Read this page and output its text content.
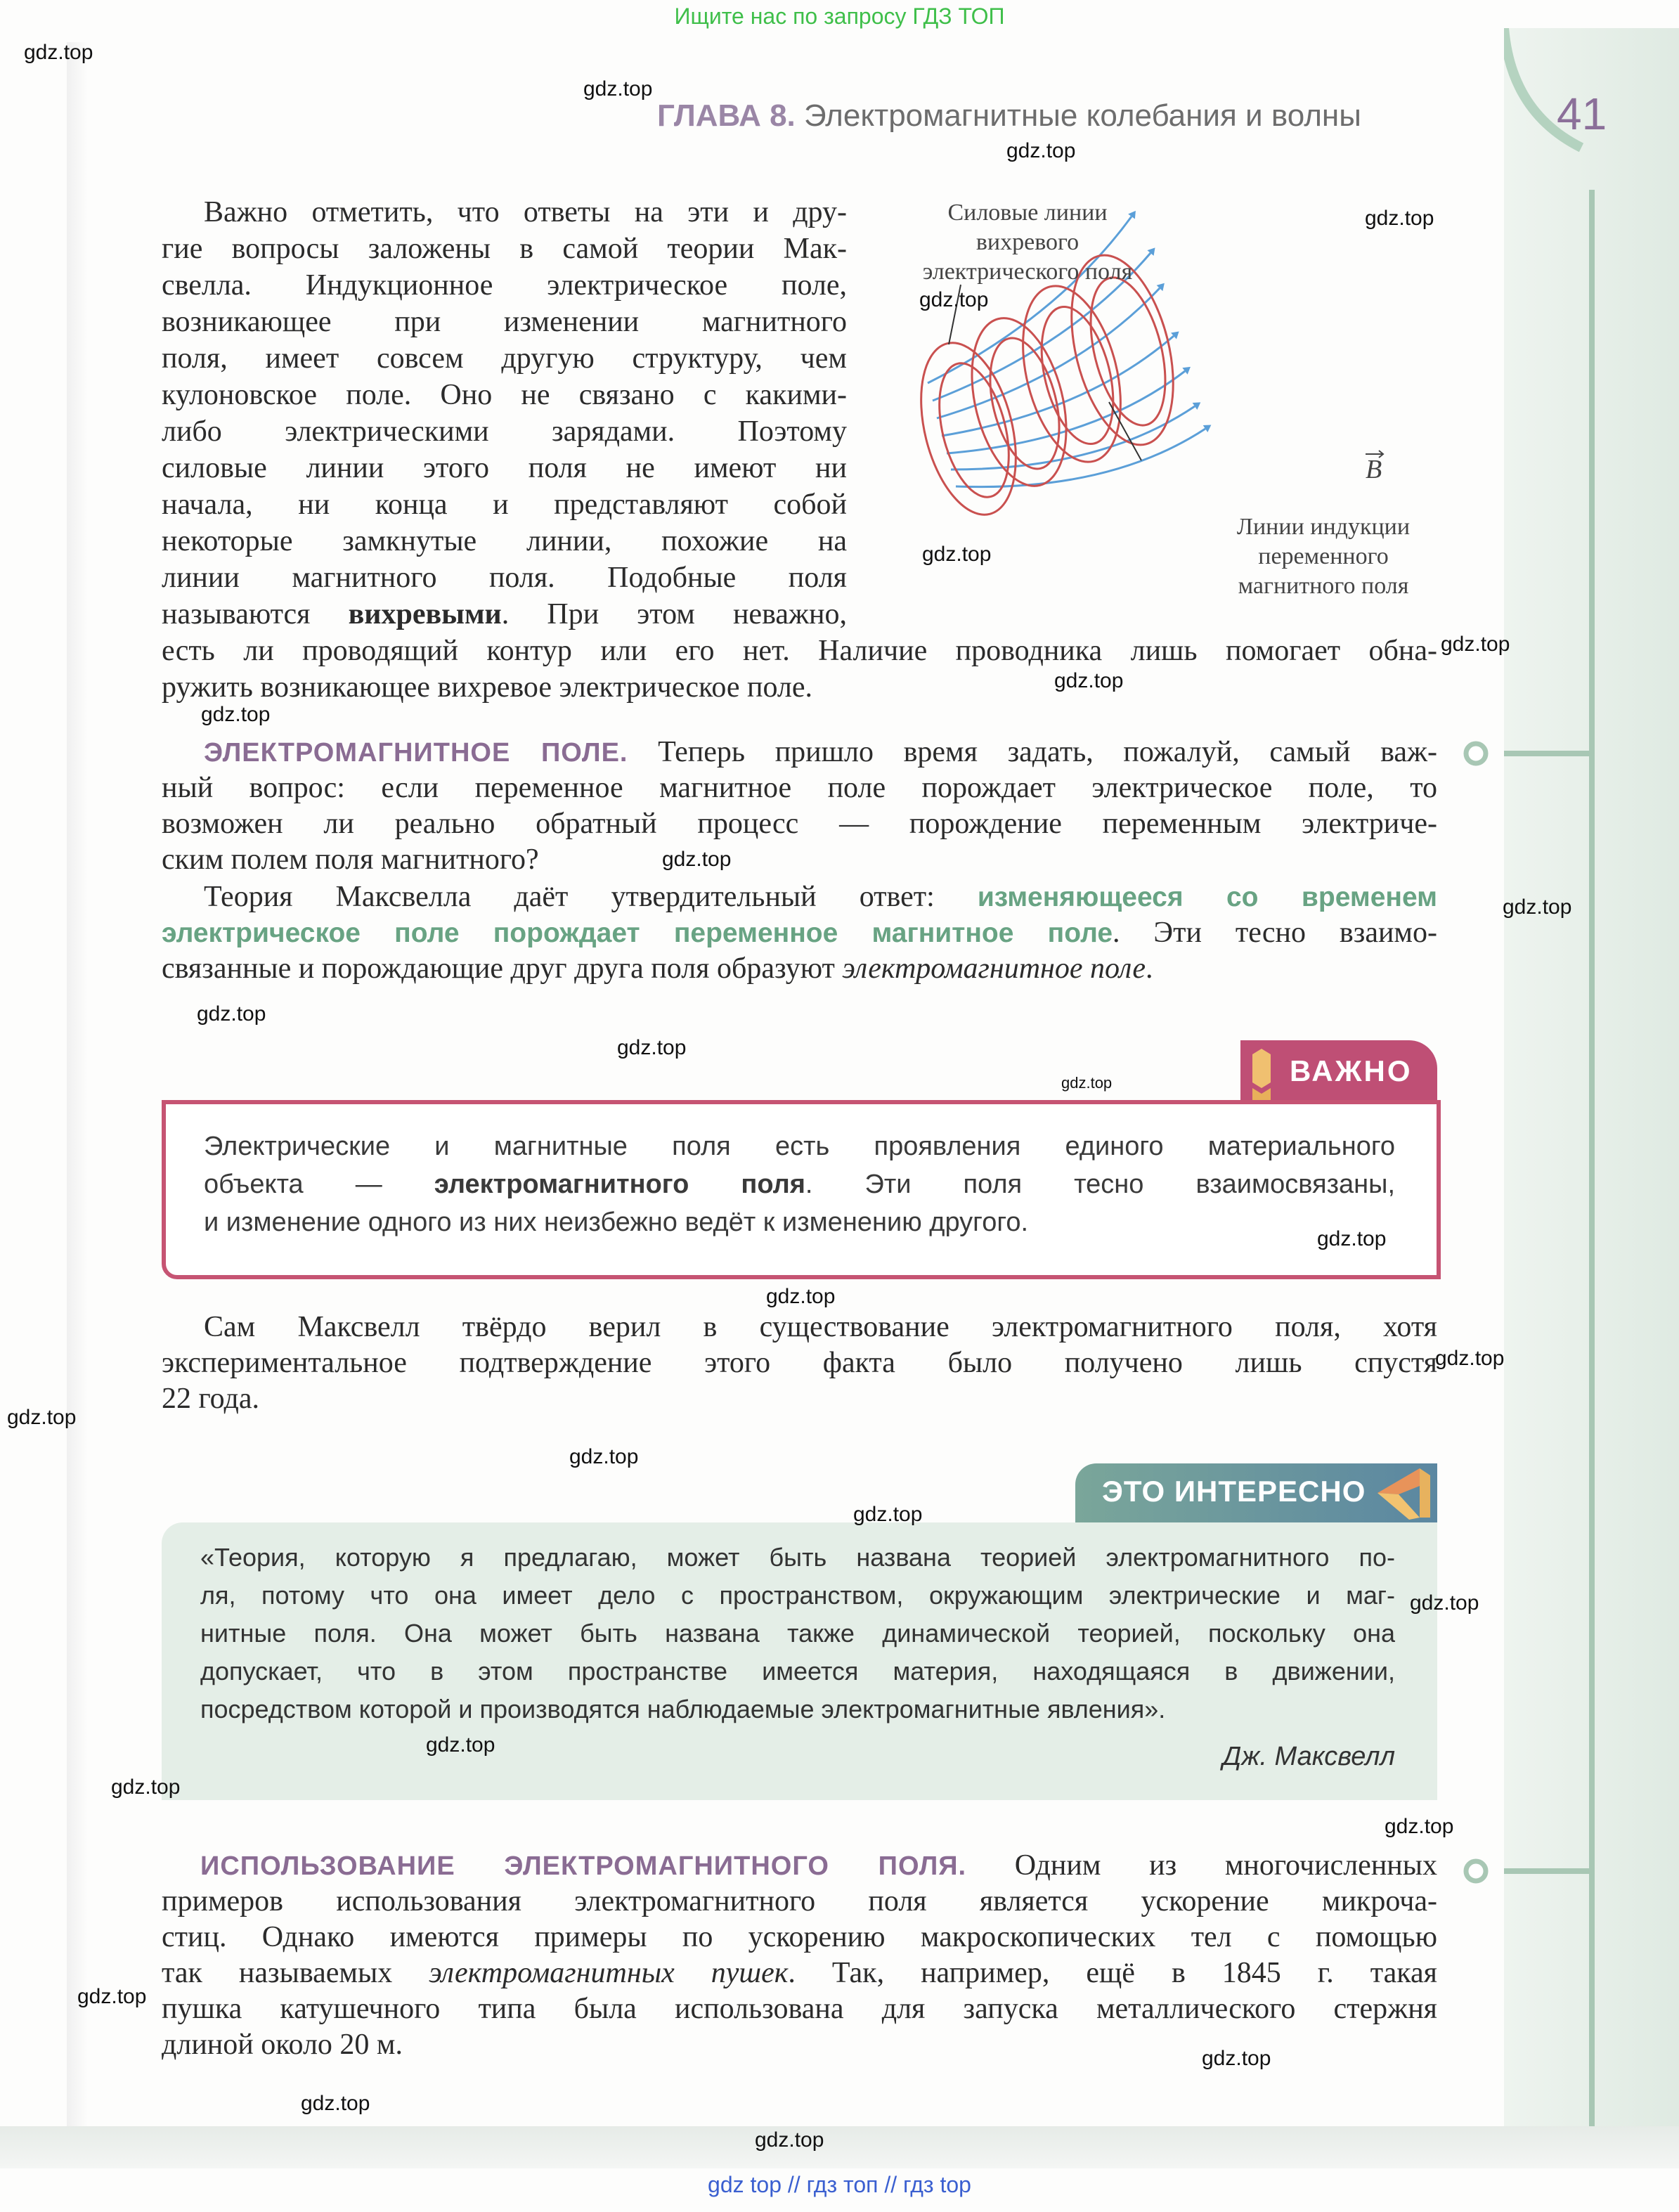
Ищите нас по запросу ГДЗ ТОП
ГЛАВА 8. Электромагнитные колебания и волны	41
Силовые линии
вихревого
электрического поля
Линии индукции
переменного
магнитного поля
B
ВАЖНО
ЭТО ИНТЕРЕСНО
Дж. Максвелл
Важно отметить, что ответы на эти и дру-
гие вопросы заложены в самой теории Мак-
свелла. Индукционное электрическое поле,
возникающее при изменении магнитного
поля, имеет совсем другую структуру, чем
кулоновское поле. Оно не связано с какими-
либо электрическими зарядами. Поэтому
силовые линии этого поля не имеют ни
начала, ни конца и представляют собой
некоторые замкнутые линии, похожие на
линии магнитного поля. Подобные поля
называются вихревыми. При этом неважно,
есть ли проводящий контур или его нет. Наличие проводника лишь помогает обна-
ружить возникающее вихревое электрическое поле.
ЭЛЕКТРОМАГНИТНОЕ ПОЛЕ. Теперь пришло время задать, пожалуй, самый важ-
ный вопрос: если переменное магнитное поле порождает электрическое поле, то
возможен ли реально обратный процесс — порождение переменным электриче-
ским полем поля магнитного?
Теория Максвелла даёт утвердительный ответ: изменяющееся со временем
электрическое поле порождает переменное магнитное поле. Эти тесно взаимо-
связанные и порождающие друг друга поля образуют электромагнитное поле.
Электрические и магнитные поля есть проявления единого материального
объекта — электромагнитного поля. Эти поля тесно взаимосвязаны,
и изменение одного из них неизбежно ведёт к изменению другого.
Сам Максвелл твёрдо верил в существование электромагнитного поля, хотя
экспериментальное подтверждение этого факта было получено лишь спустя
22 года.
«Теория, которую я предлагаю, может быть названа теорией электромагнитного по-
ля, потому что она имеет дело с пространством, окружающим электрические и маг-
нитные поля. Она может быть названа также динамической теорией, поскольку она
допускает, что в этом пространстве имеется материя, находящаяся в движении,
посредством которой и производятся наблюдаемые электромагнитные явления».
ИСПОЛЬЗОВАНИЕ ЭЛЕКТРОМАГНИТНОГО ПОЛЯ. Одним из многочисленных
примеров использования электромагнитного поля является ускорение микроча-
стиц. Однако имеются примеры по ускорению макроскопических тел с помощью
так называемых электромагнитных пушек. Так, например, ещё в 1845 г. такая
пушка катушечного типа была использована для запуска металлического стержня
длиной около 20 м.
gdz.top
gdz.top
gdz.top
gdz.top
gdz.top
gdz.top
gdz.top
gdz.top
gdz.top
gdz.top
gdz.top
gdz.top
gdz.top
gdz.top
gdz.top
gdz.top
gdz.top
gdz.top
gdz.top
gdz.top
gdz.top
gdz.top
gdz.top
gdz.top
gdz.top
gdz.top
gdz.top
gdz.top
gdz top // гдз топ // гдз top
